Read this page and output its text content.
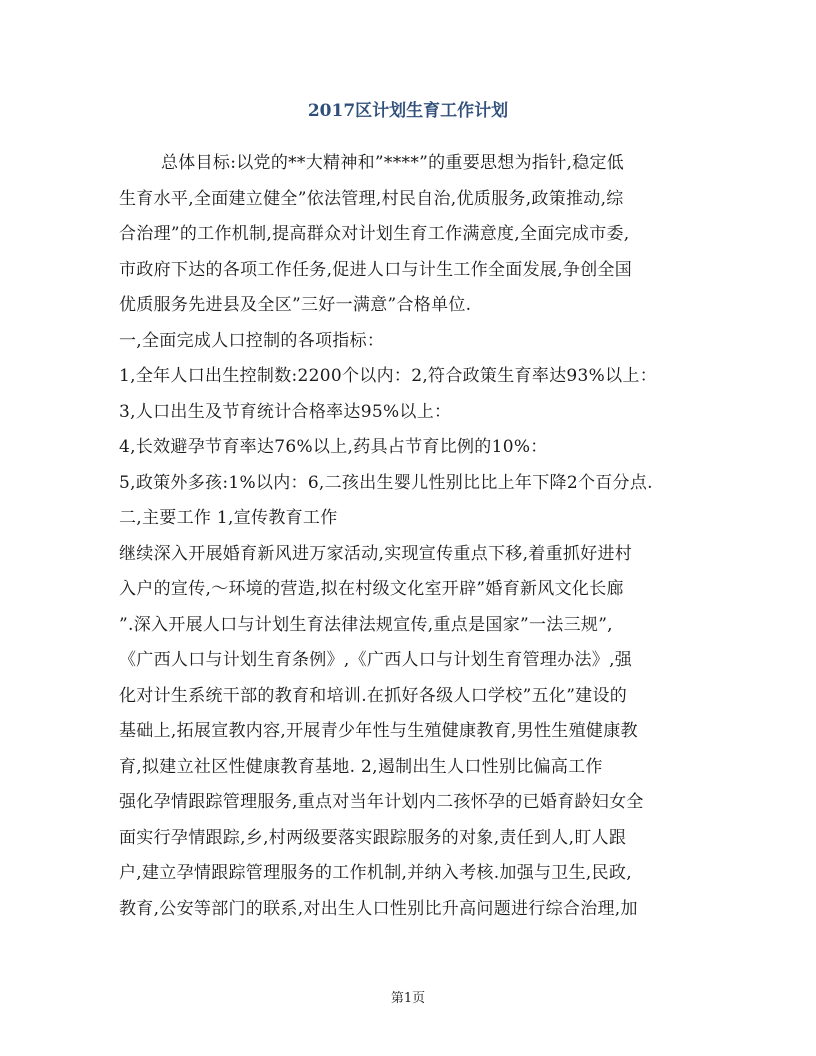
2017区计划生育工作计划

总体目标:以党的**大精神和”****”的重要思想为指针,稳定低

生育水平,全面建立健全”依法管理,村民自治,优质服务,政策推动,综

合治理”的工作机制,提高群众对计划生育工作满意度,全面完成市委,

市政府下达的各项工作任务,促进人口与计生工作全面发展,争创全国

优质服务先进县及全区”三好一满意”合格单位.

一,全面完成人口控制的各项指标：

1,全年人口出生控制数:2200个以内：2,符合政策生育率达93%以上：

3,人口出生及节育统计合格率达95%以上：

4,长效避孕节育率达76%以上,药具占节育比例的10%：

5,政策外多孩:1%以内：6,二孩出生婴儿性别比比上年下降2个百分点.

二,主要工作 1,宣传教育工作

继续深入开展婚育新风进万家活动,实现宣传重点下移,着重抓好进村

入户的宣传,～环境的营造,拟在村级文化室开辟”婚育新风文化长廊

”.深入开展人口与计划生育法律法规宣传,重点是国家”一法三规”,

《广西人口与计划生育条例》,《广西人口与计划生育管理办法》,强

化对计生系统干部的教育和培训.在抓好各级人口学校”五化”建设的

基础上,拓展宣教内容,开展青少年性与生殖健康教育,男性生殖健康教

育,拟建立社区性健康教育基地. 2,遏制出生人口性别比偏高工作

强化孕情跟踪管理服务,重点对当年计划内二孩怀孕的已婚育龄妇女全

面实行孕情跟踪,乡,村两级要落实跟踪服务的对象,责任到人,盯人跟

户,建立孕情跟踪管理服务的工作机制,并纳入考核.加强与卫生,民政,

教育,公安等部门的联系,对出生人口性别比升高问题进行综合治理,加

第1页
